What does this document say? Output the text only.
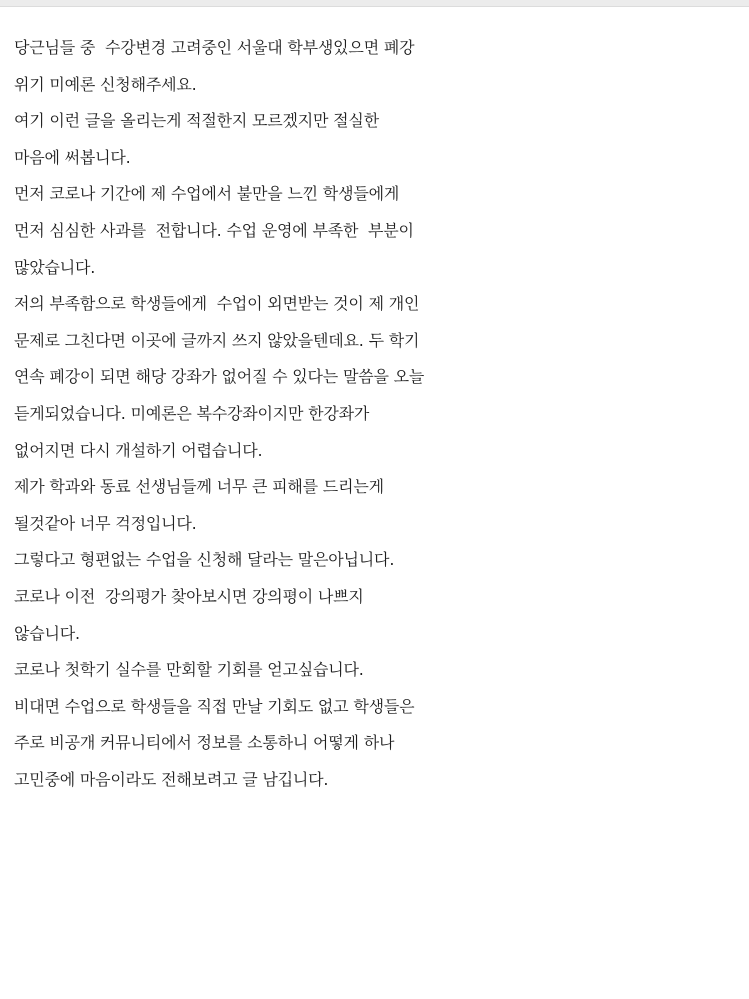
당근님들 중  수강변경 고려중인 서울대 학부생있으면 폐강
위기 미예론 신청해주세요.
여기 이런 글을 올리는게 적절한지 모르겠지만 절실한
마음에 써봅니다.
먼저 코로나 기간에 제 수업에서 불만을 느낀 학생들에게
먼저 심심한 사과를  전합니다. 수업 운영에 부족한  부분이
많았습니다.
저의 부족함으로 학생들에게  수업이 외면받는 것이 제 개인
문제로 그친다면 이곳에 글까지 쓰지 않았을텐데요. 두 학기
연속 폐강이 되면 해당 강좌가 없어질 수 있다는 말씀을 오늘
듣게되었습니다. 미예론은 복수강좌이지만 한강좌가
없어지면 다시 개설하기 어렵습니다.
제가 학과와 동료 선생님들께 너무 큰 피해를 드리는게
될것같아 너무 걱정입니다.
그렇다고 형편없는 수업을 신청해 달라는 말은아닙니다.
코로나 이전  강의평가 찾아보시면 강의평이 나쁘지
않습니다.
코로나 첫학기 실수를 만회할 기회를 얻고싶습니다.
비대면 수업으로 학생들을 직접 만날 기회도 없고 학생들은
주로 비공개 커뮤니티에서 정보를 소통하니 어떻게 하나
고민중에 마음이라도 전해보려고 글 남깁니다.
